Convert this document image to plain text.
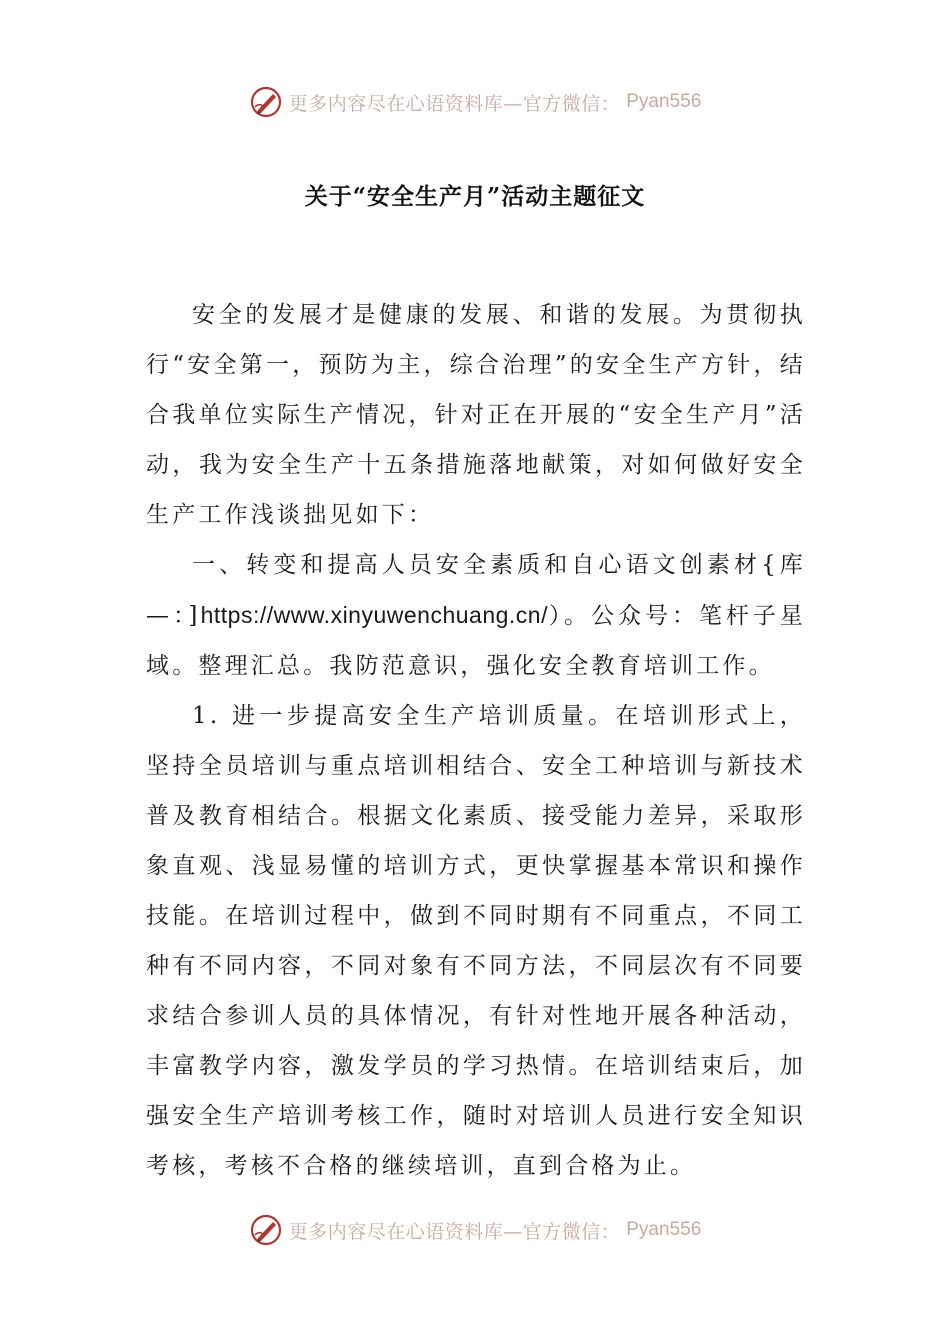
更多内容尽在心语资料库—官方微信： Pyan556
关于“安全生产月”活动主题征文

安全的发展才是健康的发展、和谐的发展。为贯彻执行“安全第一，预防为主，综合治理”的安全生产方针，结合我单位实际生产情况，针对正在开展的“安全生产月”活动，我为安全生产十五条措施落地献策，对如何做好安全生产工作浅谈拙见如下：

一、转变和提高人员安全素质和自心语文创素材{库—：]https://www.xinyuwenchuang.cn/）。公众号：笔杆子星域。整理汇总。我防范意识，强化安全教育培训工作。

1. 进一步提高安全生产培训质量。在培训形式上，坚持全员培训与重点培训相结合、安全工种培训与新技术普及教育相结合。根据文化素质、接受能力差异，采取形象直观、浅显易懂的培训方式，更快掌握基本常识和操作技能。在培训过程中，做到不同时期有不同重点，不同工种有不同内容，不同对象有不同方法，不同层次有不同要求结合参训人员的具体情况，有针对性地开展各种活动，丰富教学内容，激发学员的学习热情。在培训结束后，加强安全生产培训考核工作，随时对培训人员进行安全知识考核，考核不合格的继续培训，直到合格为止。

更多内容尽在心语资料库—官方微信： Pyan556
